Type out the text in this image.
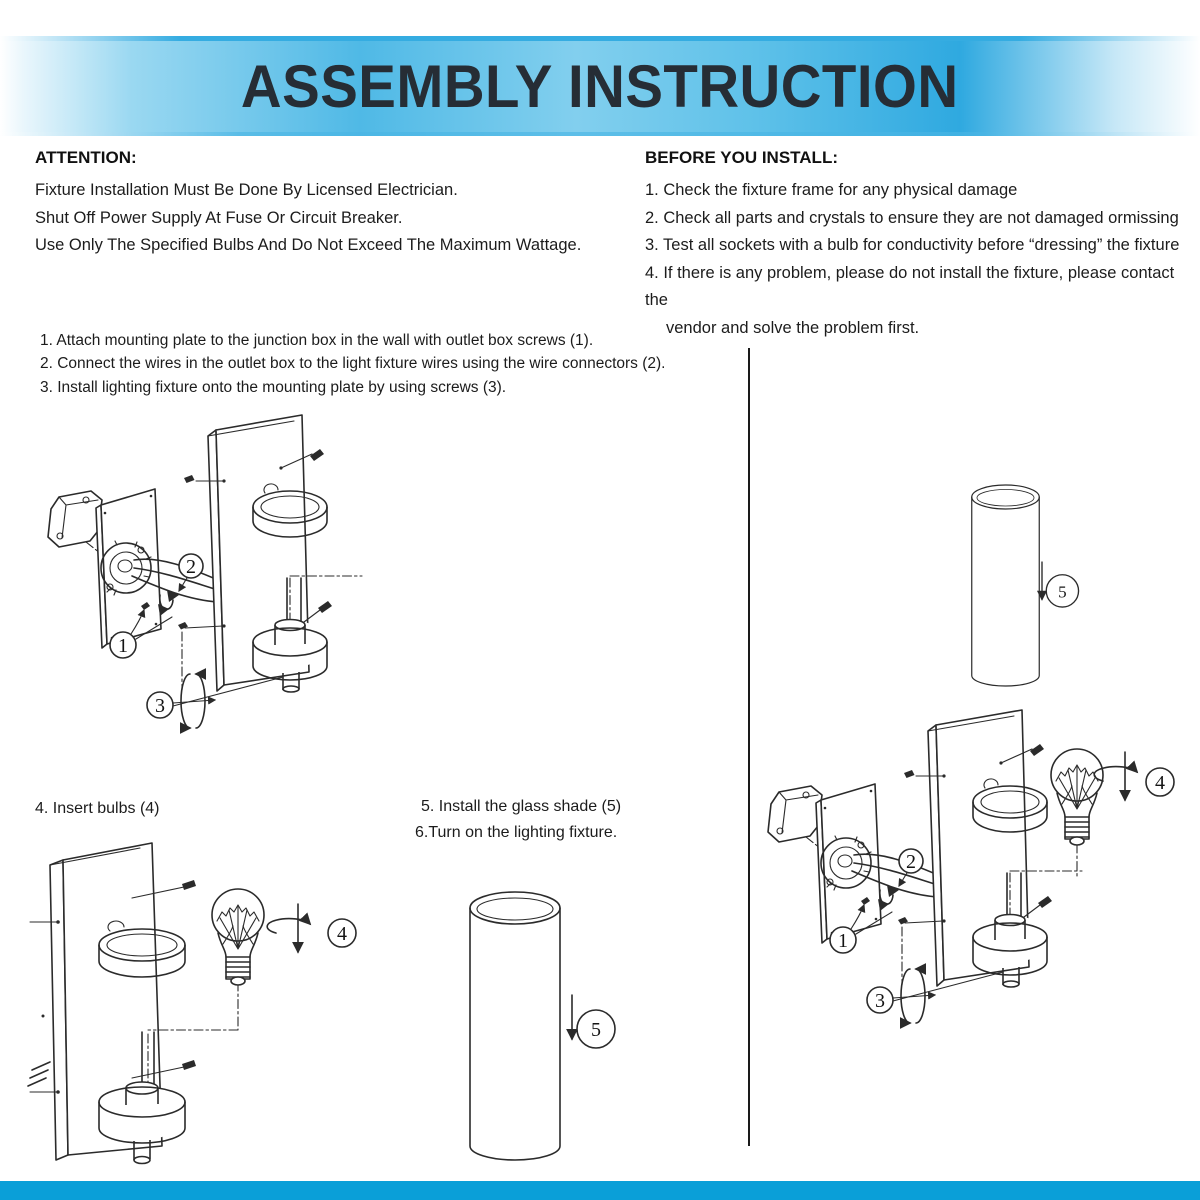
ASSEMBLY INSTRUCTION

ATTENTION:

Fixture Installation Must Be Done By Licensed Electrician.

Shut Off Power Supply At Fuse Or Circuit Breaker.

Use Only The Specified Bulbs And Do Not Exceed The Maximum Wattage.

BEFORE YOU INSTALL:

1. Check the fixture frame for any physical damage

2. Check all parts and crystals to ensure they are not damaged ormissing

3. Test all sockets with a bulb for conductivity before “dressing” the fixture

4. If there is any problem, please do not install the fixture, please contact the

vendor and solve the problem first.

1. Attach mounting plate to the junction box in the wall with outlet box screws (1).

2. Connect the wires in the outlet box to the light fixture wires using the wire connectors (2).

3. Install lighting fixture onto the mounting plate by using screws (3).

4. Insert bulbs (4)	5. Install the glass shade (5)
6.Turn on the lighting fixture.
